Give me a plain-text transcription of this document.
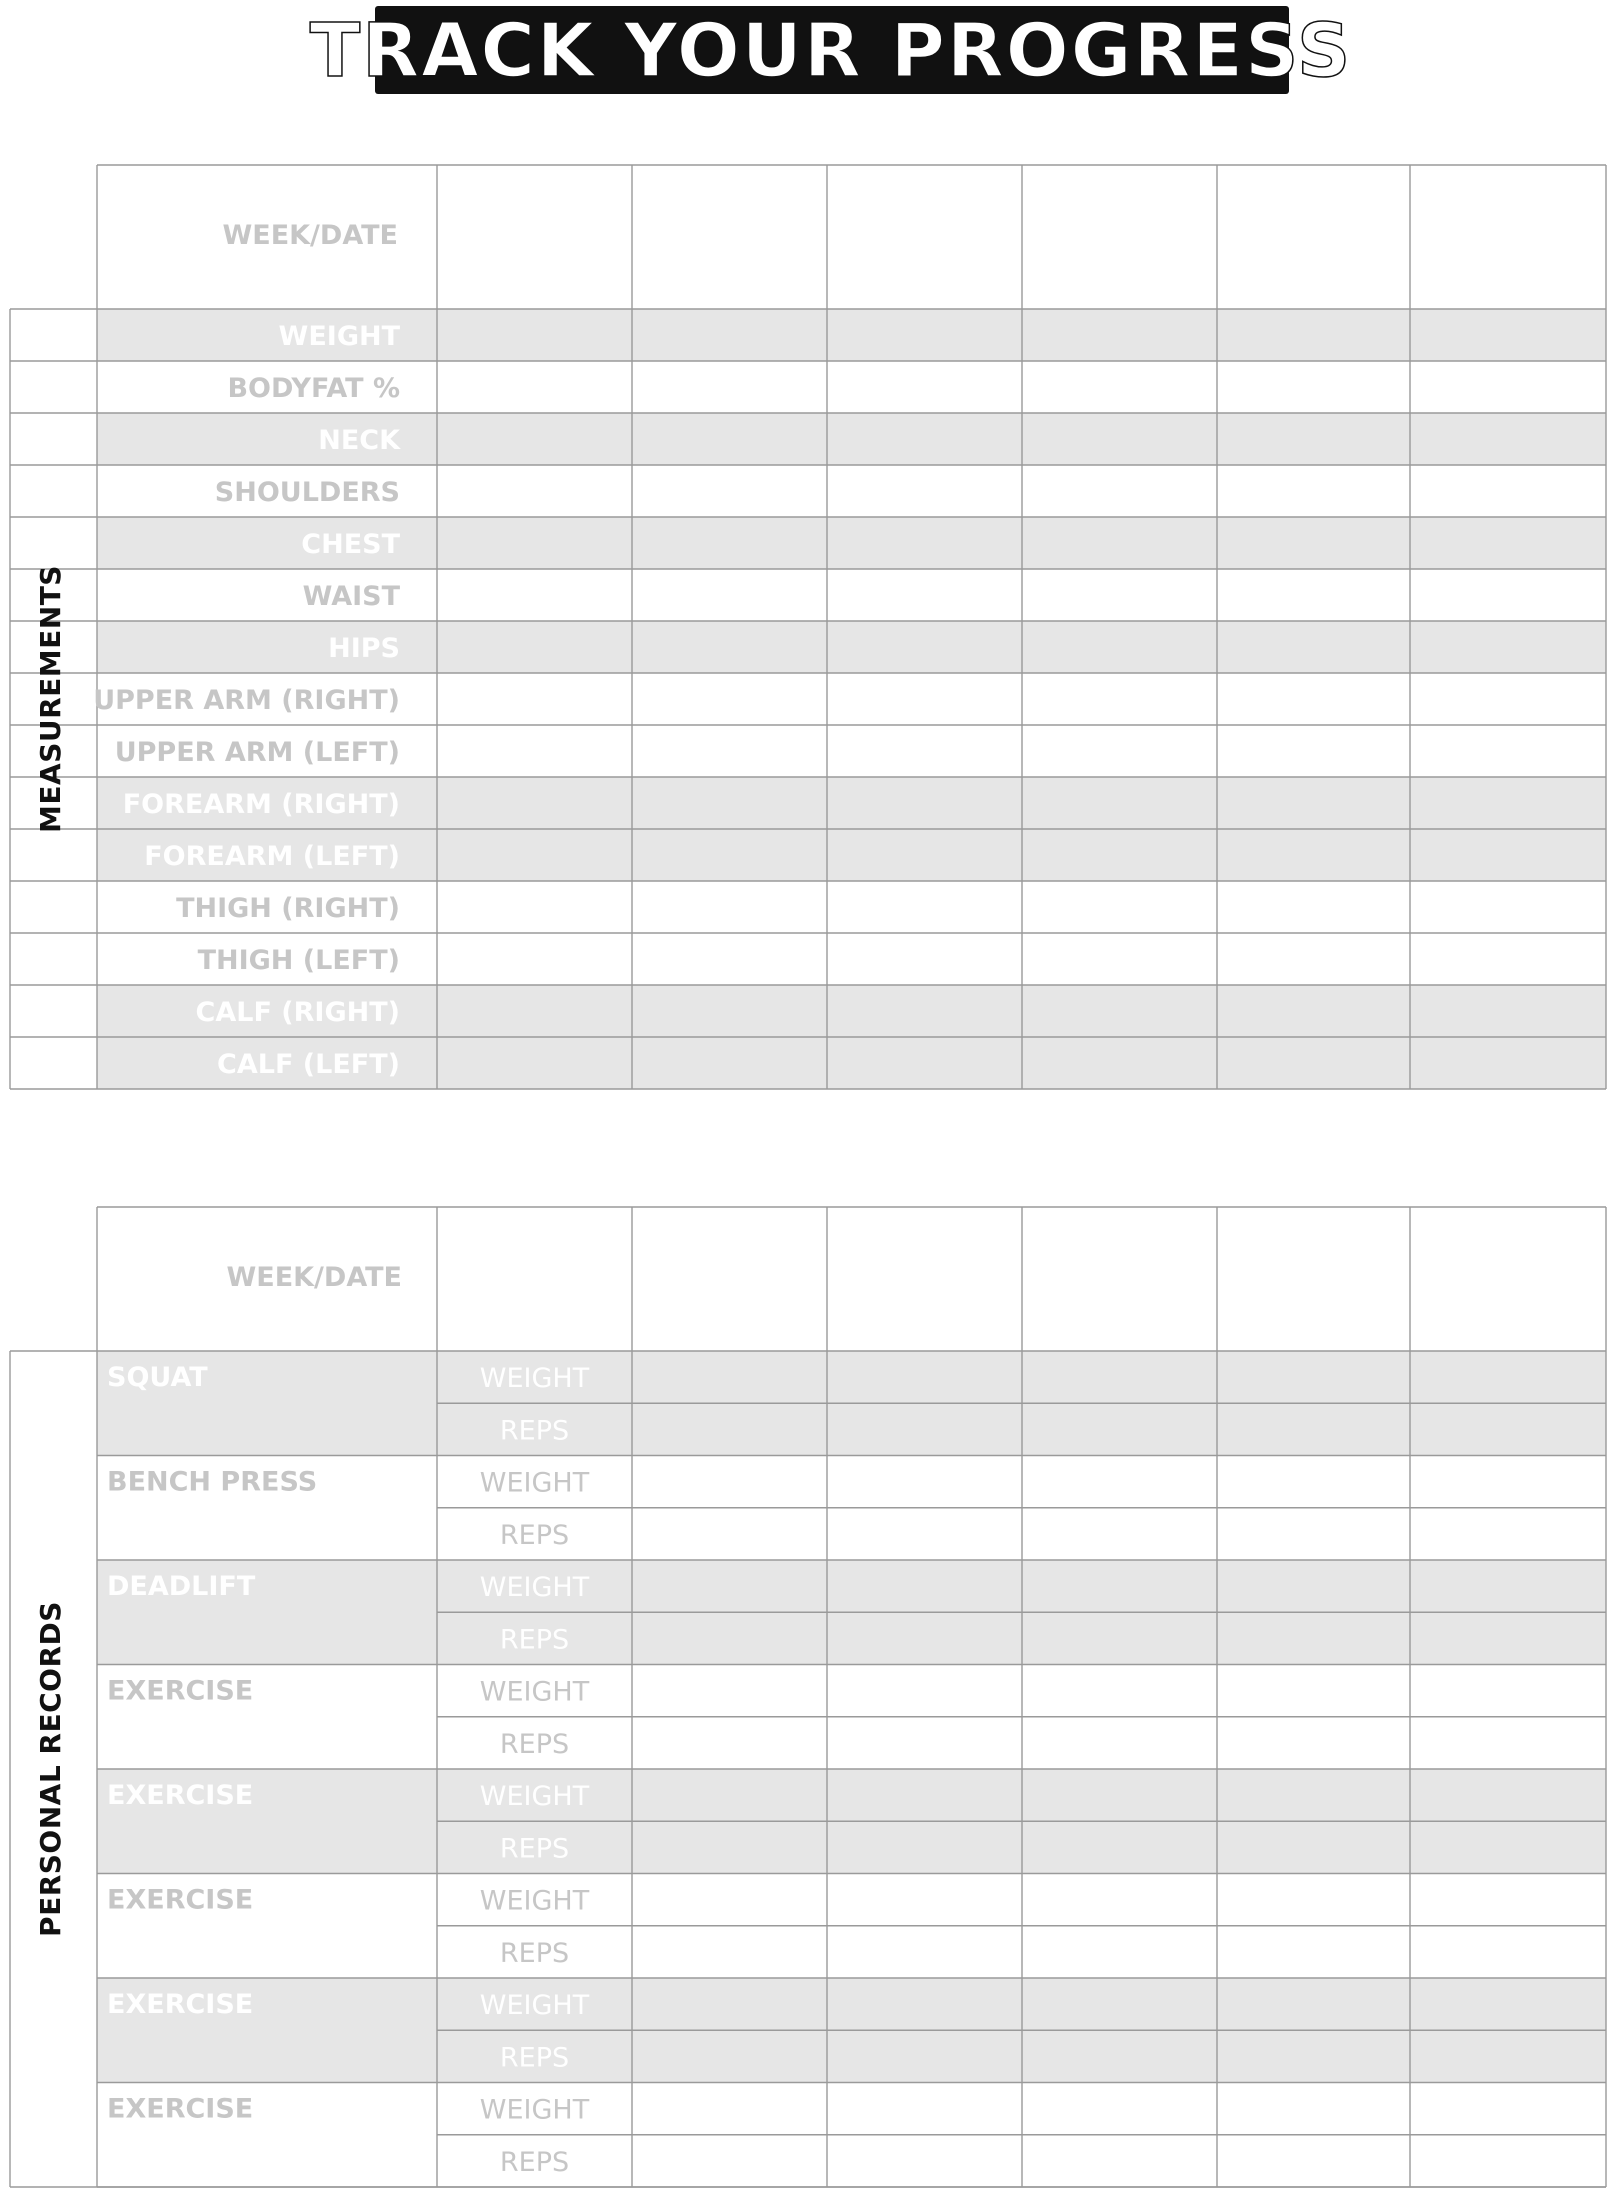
TRACK YOUR PROGRESS
WEEK/DATE
WEIGHT
BODYFAT %
NECK
SHOULDERS
CHEST
WAIST
HIPS
UPPER ARM (RIGHT)
UPPER ARM (LEFT)
FOREARM (RIGHT)
FOREARM (LEFT)
THIGH (RIGHT)
THIGH (LEFT)
CALF (RIGHT)
CALF (LEFT)
MEASUREMENTS
WEEK/DATE
SQUAT	WEIGHT
REPS
BENCH PRESS	WEIGHT
REPS
DEADLIFT	WEIGHT
REPS
EXERCISE	WEIGHT
REPS
EXERCISE	WEIGHT
REPS
EXERCISE	WEIGHT
REPS
EXERCISE	WEIGHT
REPS
EXERCISE	WEIGHT
REPS
PERSONAL RECORDS
